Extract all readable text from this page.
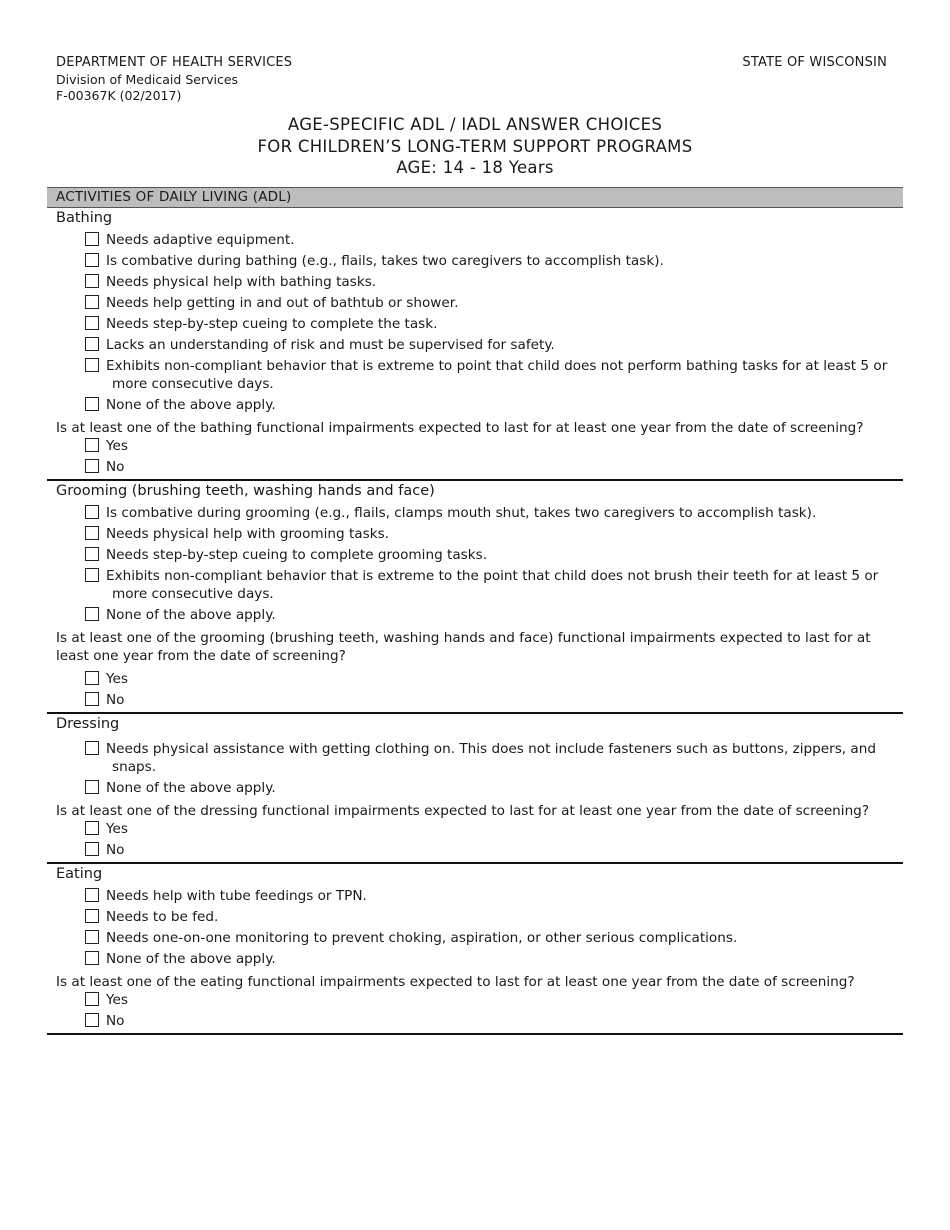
DEPARTMENT OF HEALTH SERVICES
Division of Medicaid Services
F-00367K (02/2017)
STATE OF WISCONSIN
AGE-SPECIFIC ADL / IADL ANSWER CHOICES
FOR CHILDREN’S LONG-TERM SUPPORT PROGRAMS
AGE: 14 - 18 Years
ACTIVITIES OF DAILY LIVING (ADL)
Bathing
Needs adaptive equipment.
Is combative during bathing (e.g., flails, takes two caregivers to accomplish task).
Needs physical help with bathing tasks.
Needs help getting in and out of bathtub or shower.
Needs step-by-step cueing to complete the task.
Lacks an understanding of risk and must be supervised for safety.
Exhibits non-compliant behavior that is extreme to point that child does not perform bathing tasks for at least 5 or
more consecutive days.
None of the above apply.
Is at least one of the bathing functional impairments expected to last for at least one year from the date of screening?
Yes
No
Grooming (brushing teeth, washing hands and face)
Is combative during grooming (e.g., flails, clamps mouth shut, takes two caregivers to accomplish task).
Needs physical help with grooming tasks.
Needs step-by-step cueing to complete grooming tasks.
Exhibits non-compliant behavior that is extreme to the point that child does not brush their teeth for at least 5 or
more consecutive days.
None of the above apply.
Is at least one of the grooming (brushing teeth, washing hands and face) functional impairments expected to last for at
least one year from the date of screening?
Yes
No
Dressing
Needs physical assistance with getting clothing on. This does not include fasteners such as buttons, zippers, and
snaps.
None of the above apply.
Is at least one of the dressing functional impairments expected to last for at least one year from the date of screening?
Yes
No
Eating
Needs help with tube feedings or TPN.
Needs to be fed.
Needs one-on-one monitoring to prevent choking, aspiration, or other serious complications.
None of the above apply.
Is at least one of the eating functional impairments expected to last for at least one year from the date of screening?
Yes
No
